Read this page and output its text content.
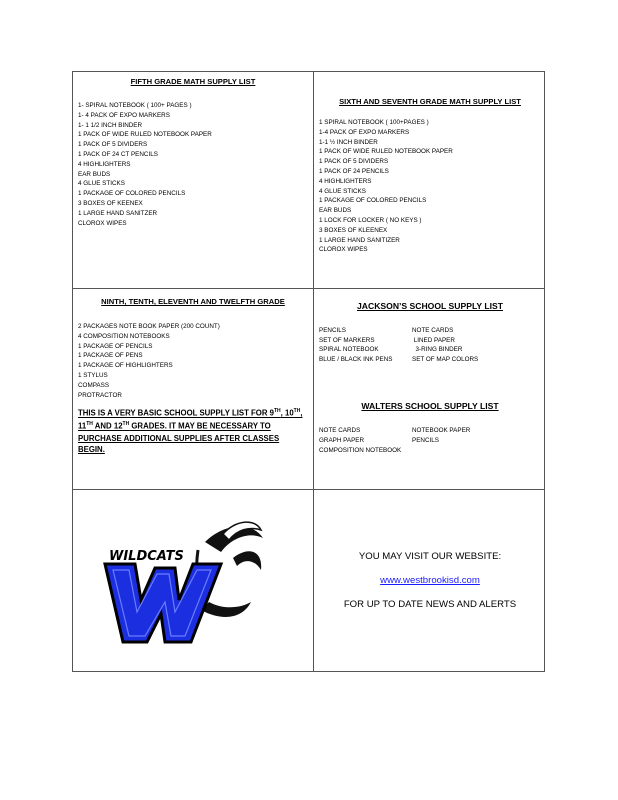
FIFTH GRADE MATH SUPPLY LIST
1- SPIRAL NOTEBOOK ( 100+ PAGES )
1- 4 PACK OF EXPO MARKERS
1- 1 1/2 INCH BINDER
1 PACK OF WIDE RULED NOTEBOOK PAPER
1 PACK OF 5 DIVIDERS
1 PACK OF 24 CT PENCILS
4 HIGHLIGHTERS
EAR BUDS
4 GLUE STICKS
1 PACKAGE OF COLORED PENCILS
3 BOXES OF KEENEX
1 LARGE HAND SANITZER
CLOROX WIPES
SIXTH AND SEVENTH GRADE MATH SUPPLY LIST
1 SPIRAL NOTEBOOK ( 100+PAGES )
1-4 PACK OF EXPO MARKERS
1-1 ½ INCH BINDER
1 PACK OF WIDE RULED NOTEBOOK PAPER
1 PACK OF 5 DIVIDERS
1 PACK OF 24 PENCILS
4 HIGHLIGHTERS
4 GLUE STICKS
1 PACKAGE OF COLORED PENCILS
EAR BUDS
1 LOCK FOR LOCKER ( NO KEYS )
3 BOXES OF KLEENEX
1 LARGE HAND SANITIZER
CLOROX WIPES
NINTH, TENTH, ELEVENTH AND TWELFTH GRADE
2 PACKAGES NOTE BOOK PAPER (200 COUNT)
4 COMPOSITION NOTEBOOKS
1 PACKAGE OF PENCILS
1 PACKAGE OF PENS
1 PACKAGE OF HIGHLIGHTERS
1 STYLUS
COMPASS
PROTRACTOR
THIS IS A VERY BASIC SCHOOL SUPPLY LIST FOR 9TH, 10TH, 11TH AND 12TH GRADES. IT MAY BE NECESSARY TO PURCHASE ADDITIONAL SUPPLIES AFTER CLASSES BEGIN.
JACKSON’S SCHOOL SUPPLY LIST
PENCILS	NOTE CARDS
SET OF MARKERS	LINED PAPER
SPIRAL NOTEBOOK	3-RING BINDER
BLUE / BLACK INK PENS	SET OF MAP COLORS
WALTERS SCHOOL SUPPLY LIST
NOTE CARDS	NOTEBOOK PAPER
GRAPH PAPER	PENCILS
COMPOSITION NOTEBOOK
WILDCATS	YOU MAY VISIT OUR WEBSITE:
www.westbrookisd.com
FOR UP TO DATE NEWS AND ALERTS
